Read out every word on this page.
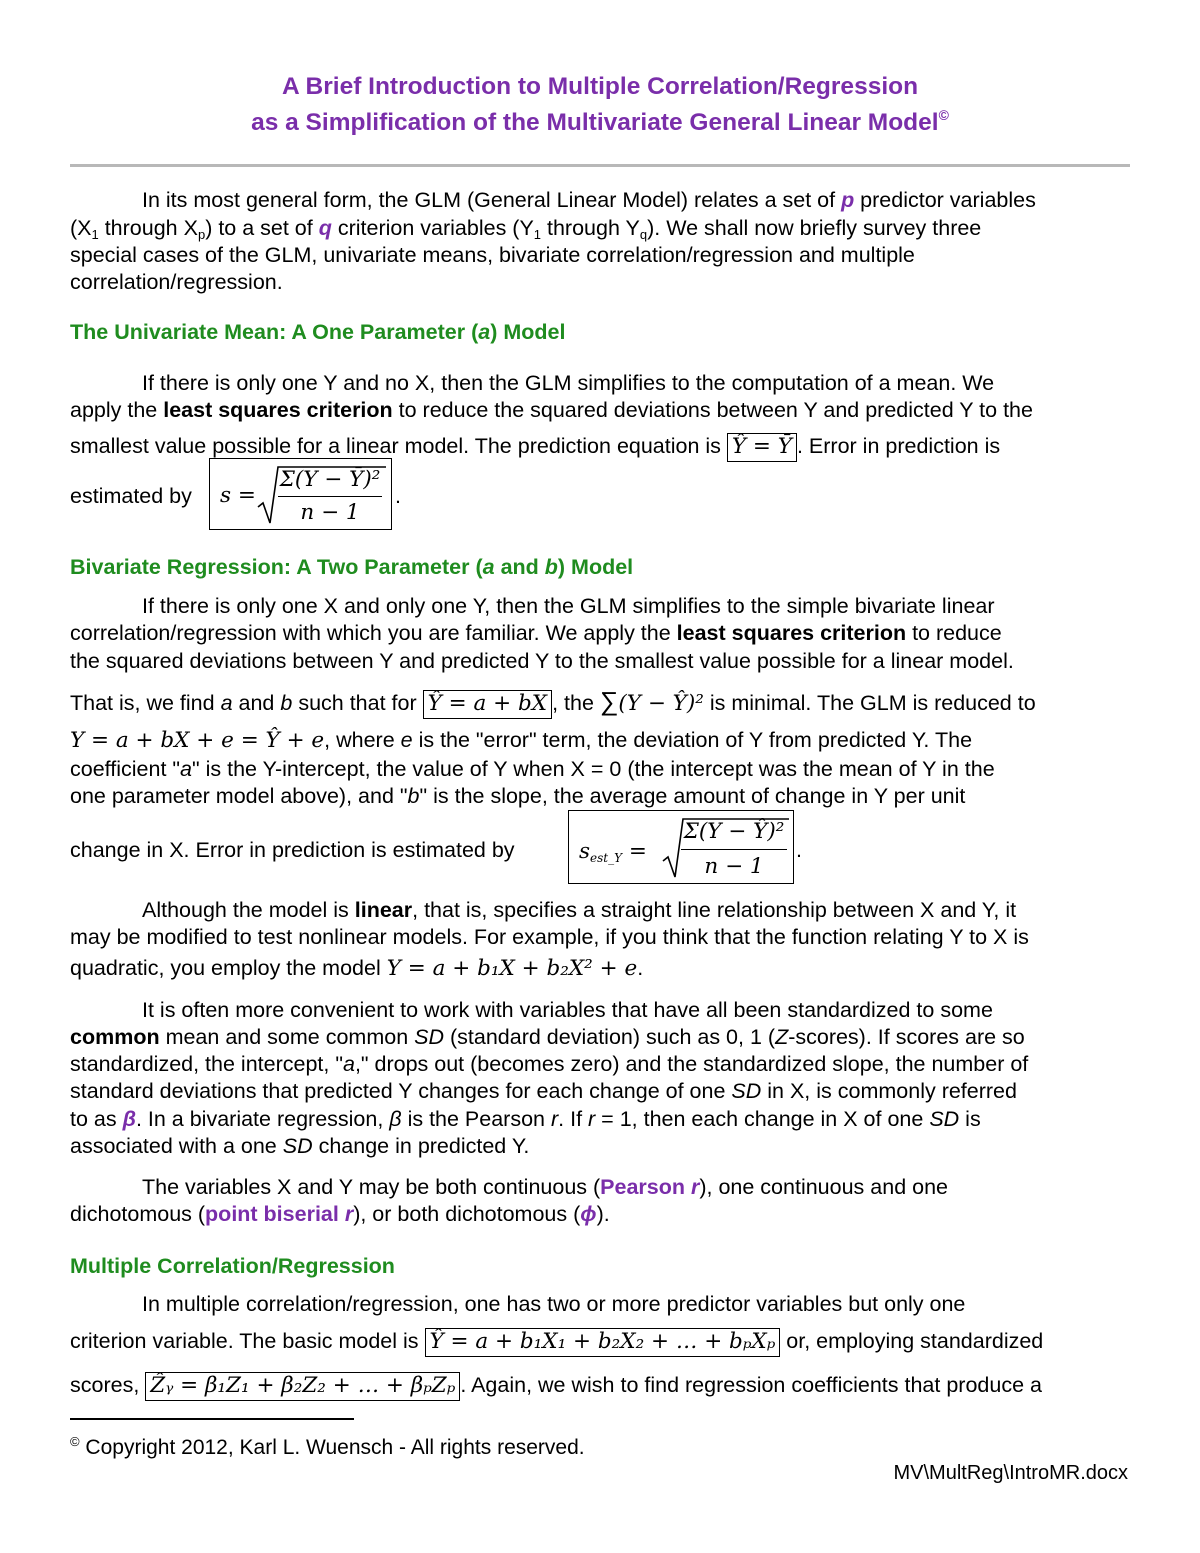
A Brief Introduction to Multiple Correlation/Regression
as a Simplification of the Multivariate General Linear Model©
In its most general form, the GLM (General Linear Model) relates a set of p predictor variables
($X_1$ through $X_p$) to a set of q criterion variables ($Y_1$ through $Y_q$). We shall now briefly survey three
special cases of the GLM, univariate means, bivariate correlation/regression and multiple
correlation/regression.
The Univariate Mean: A One Parameter (a) Model
If there is only one Y and no X, then the GLM simplifies to the computation of a mean. We
apply the least squares criterion to reduce the squared deviations between Y and predicted Y to the
smallest value possible for a linear model. The prediction equation is Ŷ = Ȳ . Error in prediction is
estimated by s =
Σ(Y − Ȳ)²
n − 1
.
Bivariate Regression: A Two Parameter (a and b) Model
If there is only one X and only one Y, then the GLM simplifies to the simple bivariate linear
correlation/regression with which you are familiar. We apply the least squares criterion to reduce
the squared deviations between Y and predicted Y to the smallest value possible for a linear model.
That is, we find a and b such that for Ŷ = a + bX , the ∑(Y − Ŷ)² is minimal. The GLM is reduced to
Y = a + bX + e = Ŷ + e, where e is the "error" term, the deviation of Y from predicted Y. The
coefficient "a" is the Y-intercept, the value of Y when X = 0 (the intercept was the mean of Y in the
one parameter model above), and "b" is the slope, the average amount of change in Y per unit
change in X. Error in prediction is estimated by	$s_{est\_Y}$ =
Σ(Y − Ŷ)²
n − 1
.
Although the model is linear, that is, specifies a straight line relationship between X and Y, it
may be modified to test nonlinear models. For example, if you think that the function relating Y to X is
quadratic, you employ the model Y = a + b₁X + b₂X² + e.
It is often more convenient to work with variables that have all been standardized to some
common mean and some common SD (standard deviation) such as 0, 1 (Z-scores). If scores are so
standardized, the intercept, "a," drops out (becomes zero) and the standardized slope, the number of
standard deviations that predicted Y changes for each change of one SD in X, is commonly referred
to as β. In a bivariate regression, β is the Pearson r. If r = 1, then each change in X of one SD is
associated with a one SD change in predicted Y.
The variables X and Y may be both continuous (Pearson r), one continuous and one
dichotomous (point biserial r), or both dichotomous (ϕ).
Multiple Correlation/Regression
In multiple correlation/regression, one has two or more predictor variables but only one
criterion variable. The basic model is Ŷ = a + b₁X₁ + b₂X₂ + … + bₚXₚ or, employing standardized
scores, Ẑᵧ = β₁Z₁ + β₂Z₂ + … + βₚZₚ . Again, we wish to find regression coefficients that produce a
© Copyright 2012, Karl L. Wuensch - All rights reserved.
MV\MultReg\IntroMR.docx
